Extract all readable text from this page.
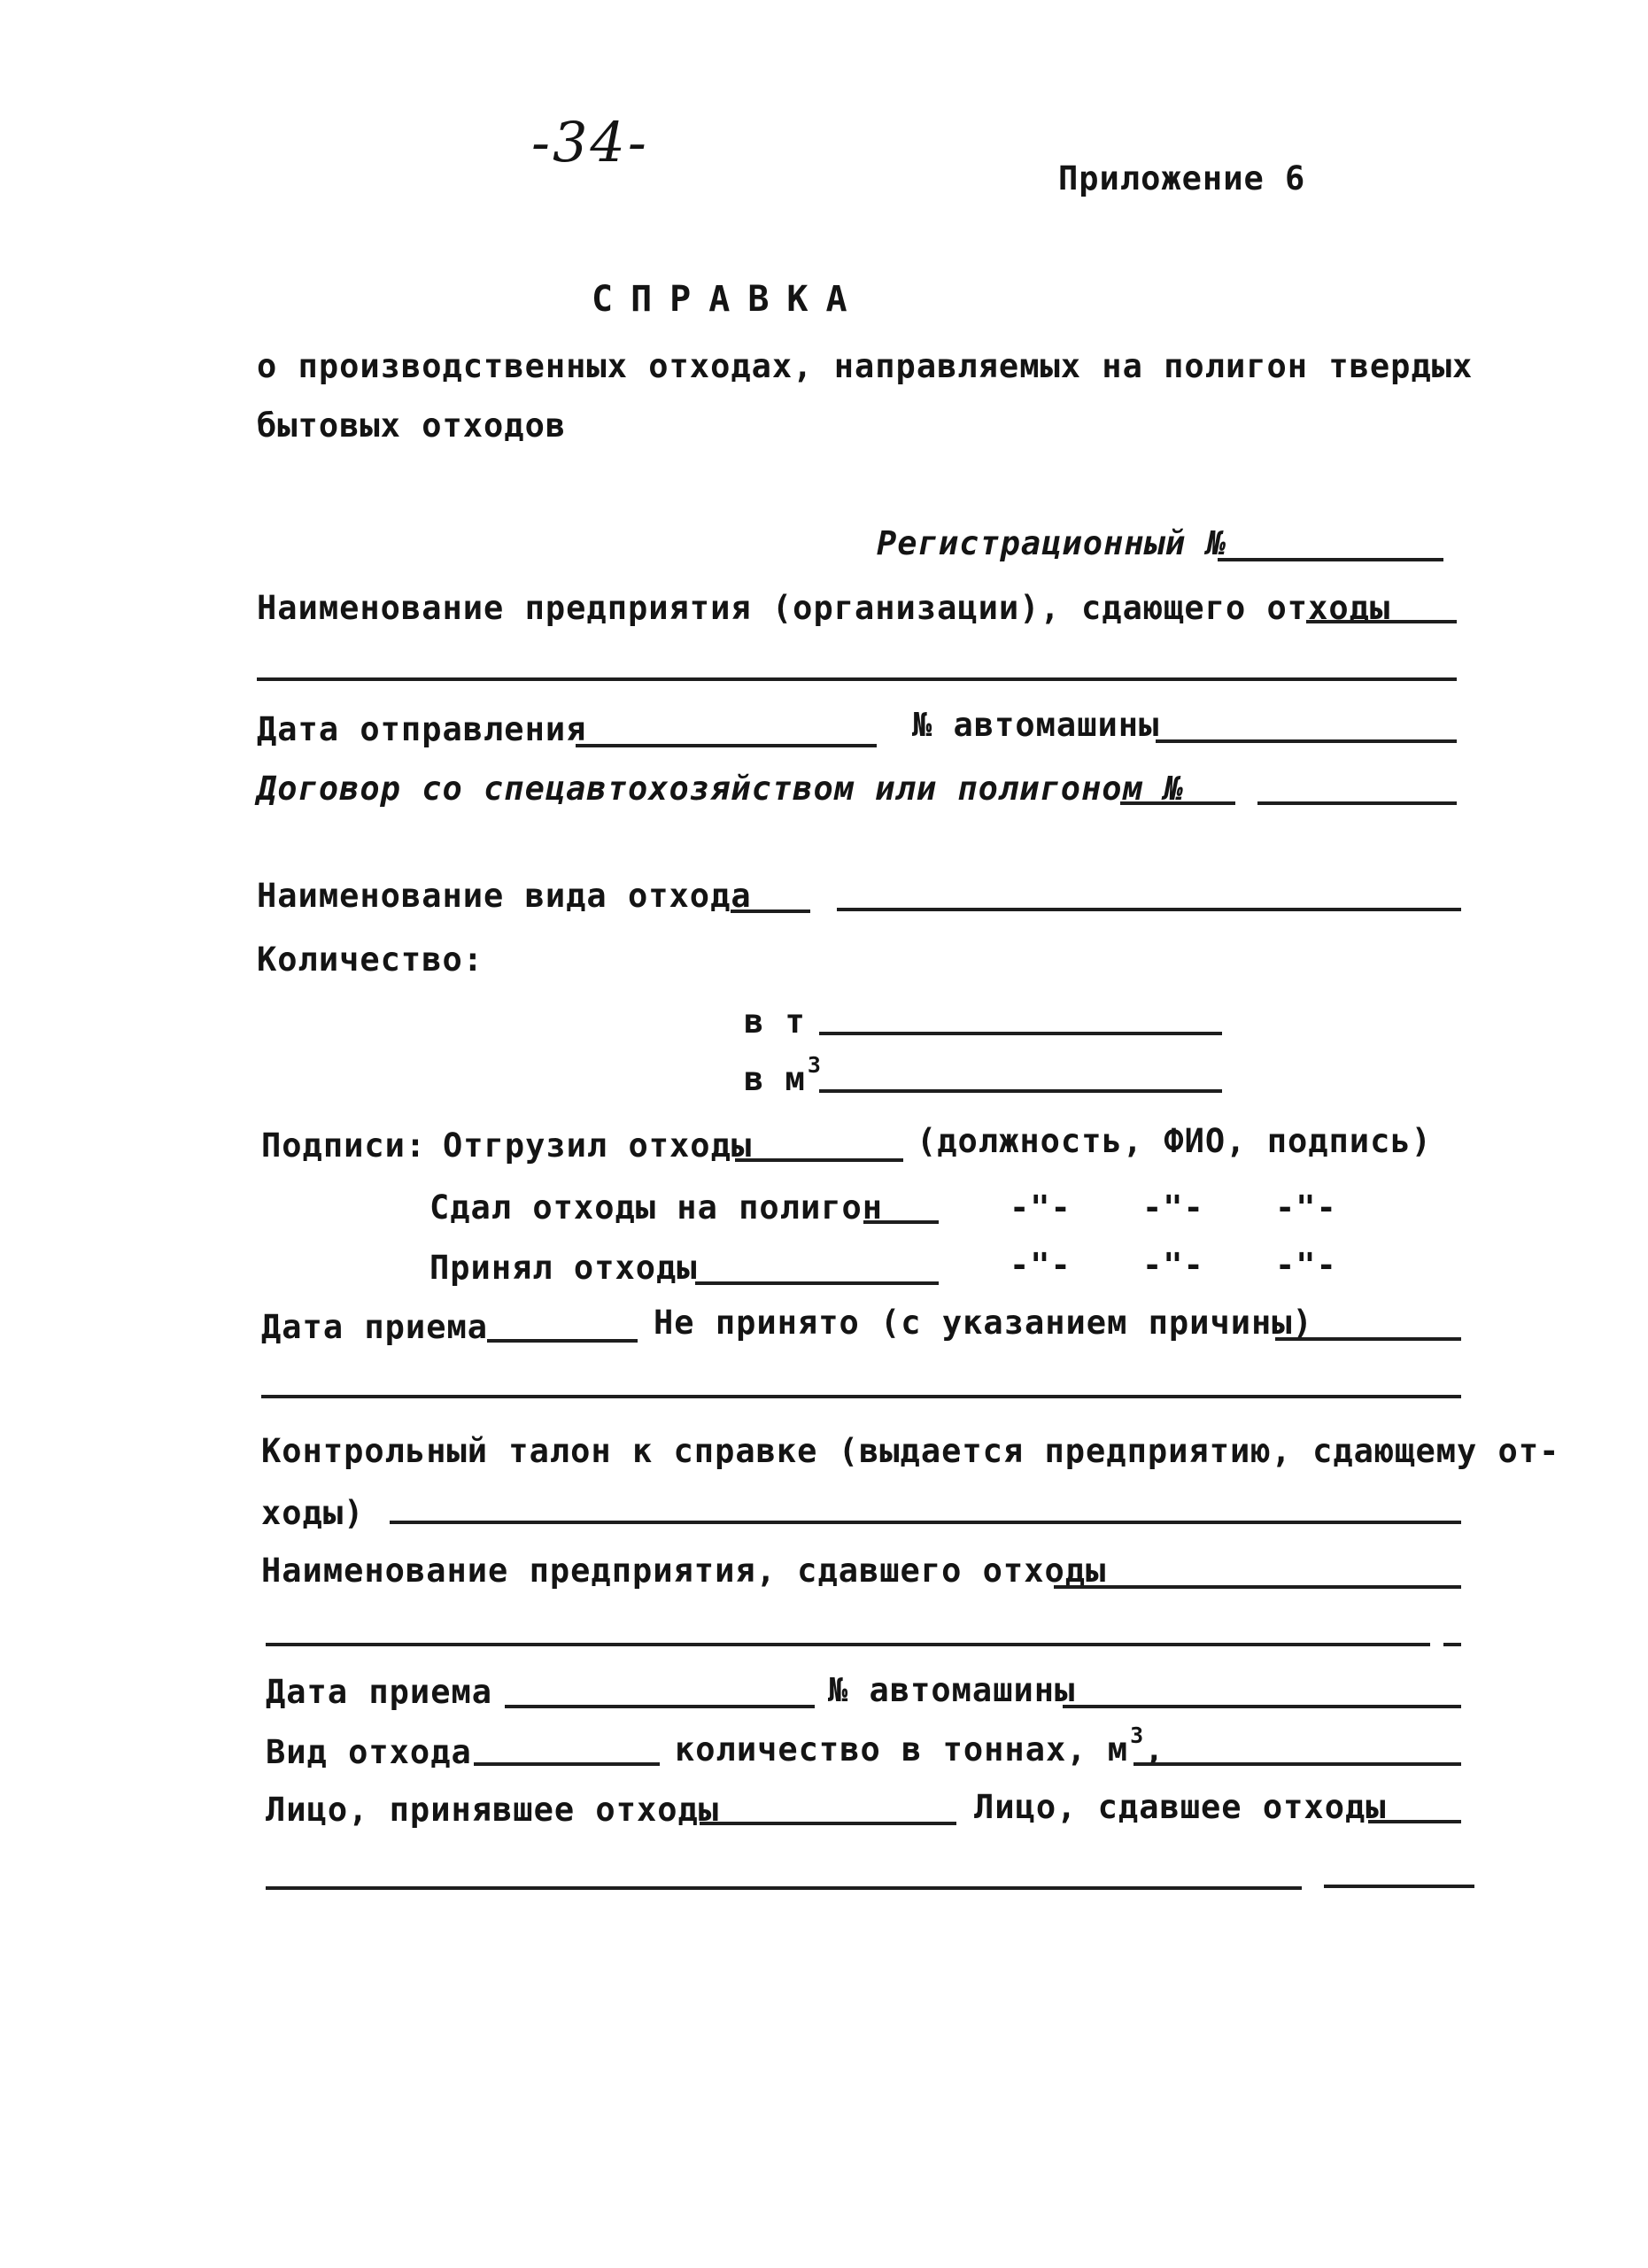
-34-
Приложение 6
СПРАВКА
о производственных отходах, направляемых на полигон твердых
бытовых отходов
Регистрационный №
Наименование предприятия (организации), сдающего отходы
Дата отправления	№ автомашины
Договор со спецавтохозяйством или полигоном №
Наименование вида отхода
Количество:
в т
в $м^3$
Подписи: Отгрузил отходы	(должность, ФИО, подпись)
Сдал отходы на полигон	-"- -"- -"-
Принял отходы	-"- -"- -"-
Дата приема	Не принято (с указанием причины)
Контрольный талон к справке (выдается предприятию, сдающему от-
ходы)
Наименование предприятия, сдавшего отходы
Дата приема	№ автомашины
Вид отхода	количество в тоннах, $м^3$,
Лицо, принявшее отходы	Лицо, сдавшее отходы
